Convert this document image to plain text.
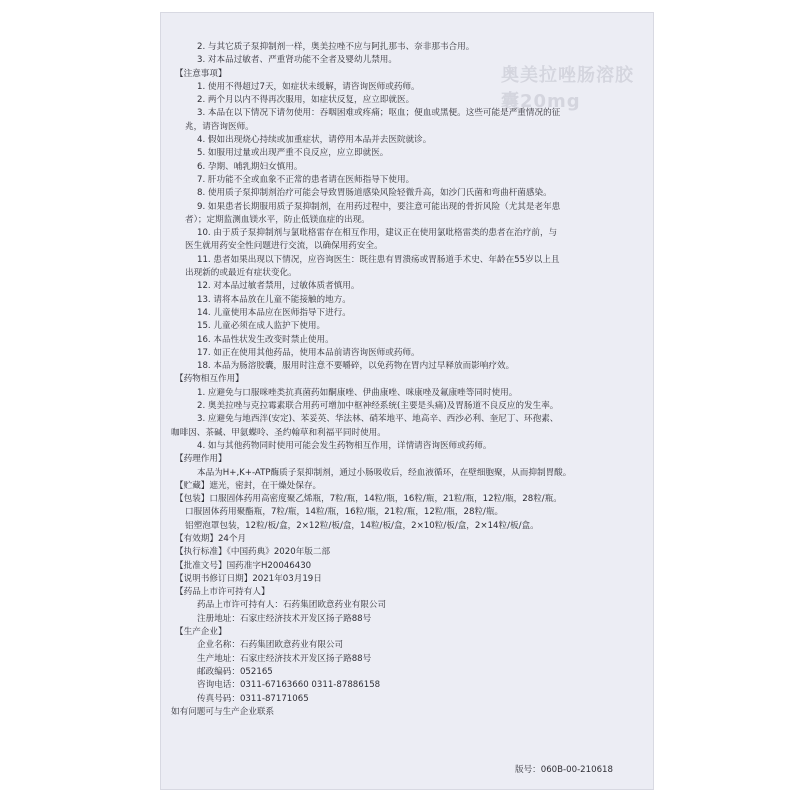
奥美拉唑肠溶胶囊20mg
2. 与其它质子泵抑制剂一样，奥美拉唑不应与阿扎那韦、奈非那韦合用。
3. 对本品过敏者、严重肾功能不全者及婴幼儿禁用。
【注意事项】
1. 使用不得超过7天，如症状未缓解，请咨询医师或药师。
2. 两个月以内不得再次服用，如症状反复，应立即就医。
3. 本品在以下情况下请勿使用：吞咽困难或疼痛；呕血；便血或黑便。这些可能是严重情况的征
兆，请咨询医师。
4. 假如出现烧心持续或加重症状，请停用本品并去医院就诊。
5. 如服用过量或出现严重不良反应，应立即就医。
6. 孕期、哺乳期妇女慎用。
7. 肝功能不全或血象不正常的患者请在医师指导下使用。
8. 使用质子泵抑制剂治疗可能会导致胃肠道感染风险轻微升高，如沙门氏菌和弯曲杆菌感染。
9. 如果患者长期服用质子泵抑制剂，在用药过程中，要注意可能出现的骨折风险（尤其是老年患
者）；定期监测血镁水平，防止低镁血症的出现。
10. 由于质子泵抑制剂与氯吡格雷存在相互作用，建议正在使用氯吡格雷类的患者在治疗前，与
医生就用药安全性问题进行交流，以确保用药安全。
11. 患者如果出现以下情况，应咨询医生：既往患有胃溃疡或胃肠道手术史、年龄在55岁以上且
出现新的或最近有症状变化。
12. 对本品过敏者禁用，过敏体质者慎用。
13. 请将本品放在儿童不能接触的地方。
14. 儿童使用本品应在医师指导下进行。
15. 儿童必须在成人监护下使用。
16. 本品性状发生改变时禁止使用。
17. 如正在使用其他药品，使用本品前请咨询医师或药师。
18. 本品为肠溶胶囊，服用时注意不要嚼碎，以免药物在胃内过早释放而影响疗效。
【药物相互作用】
1. 应避免与口服咪唑类抗真菌药如酮康唑、伊曲康唑、咪康唑及氟康唑等同时使用。
2. 奥美拉唑与克拉霉素联合用药可增加中枢神经系统(主要是头痛)及胃肠道不良反应的发生率。
3. 应避免与地西泮(安定)、苯妥英、华法林、硝苯地平、地高辛、西沙必利、奎尼丁、环孢素、
咖啡因、茶碱、甲氨蝶呤、圣约翰草和利福平同时使用。
4. 如与其他药物同时使用可能会发生药物相互作用，详情请咨询医师或药师。
【药理作用】
本品为H+,K+-ATP酶质子泵抑制剂，通过小肠吸收后，经血液循环，在壁细胞聚，从而抑制胃酸。
【贮藏】遮光，密封，在干燥处保存。
【包装】口服固体药用高密度聚乙烯瓶，7粒/瓶，14粒/瓶，16粒/瓶，21粒/瓶，12粒/瓶，28粒/瓶。
口服固体药用聚酯瓶，7粒/瓶，14粒/瓶，16粒/瓶，21粒/瓶，12粒/瓶，28粒/瓶。
铝塑泡罩包装，12粒/板/盒，2×12粒/板/盒，14粒/板/盒，2×10粒/板/盒，2×14粒/板/盒。
【有效期】24个月
【执行标准】《中国药典》2020年版二部
【批准文号】国药准字H20046430
【说明书修订日期】2021年03月19日
【药品上市许可持有人】
药品上市许可持有人：石药集团欧意药业有限公司
注册地址：石家庄经济技术开发区扬子路88号
【生产企业】
企业名称：石药集团欧意药业有限公司
生产地址：石家庄经济技术开发区扬子路88号
邮政编码：052165
咨询电话：0311-67163660 0311-87886158
传真号码：0311-87171065
如有问题可与生产企业联系
版号：060B-00-210618
